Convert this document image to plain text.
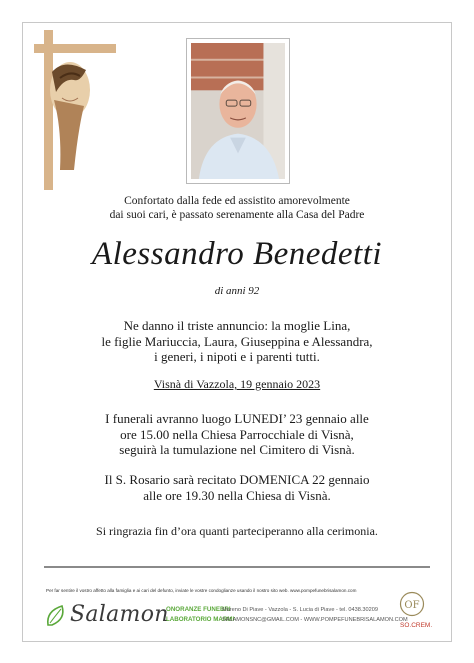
Confortato dalla fede ed assistito amorevolmente
dai suoi cari, è passato serenamente alla Casa del Padre
Alessandro Benedetti
di anni 92
Ne danno il triste annuncio: la moglie Lina,
le figlie Mariuccia, Laura, Giuseppina e Alessandra,
i generi, i nipoti e i parenti tutti.
Visnà di Vazzola, 19 gennaio 2023
I funerali avranno luogo LUNEDI’ 23 gennaio alle
ore 15.00 nella Chiesa Parrocchiale di Visnà,
seguirà la tumulazione nel Cimitero di Visnà.
Il S. Rosario sarà recitato DOMENICA 22 gennaio
alle ore 19.30 nella Chiesa di Visnà.
Si ringrazia fin d’ora quanti parteciperanno alla cerimonia.
Per far sentire il vostro affetto alla famiglia e ai cari del defunto, inviate le vostre condoglianze usando il nostro sito web. www.pompefunebrisalamon.com
Salamon
ONORANZE FUNEBRI
LABORATORIO MARMI
Mareno Di Piave - Vazzola - S. Lucia di Piave - tel. 0438.30209
SALAMONSNC@GMAIL.COM - WWW.POMPEFUNEBRISALAMON.COM
OF
SO.CREM.
